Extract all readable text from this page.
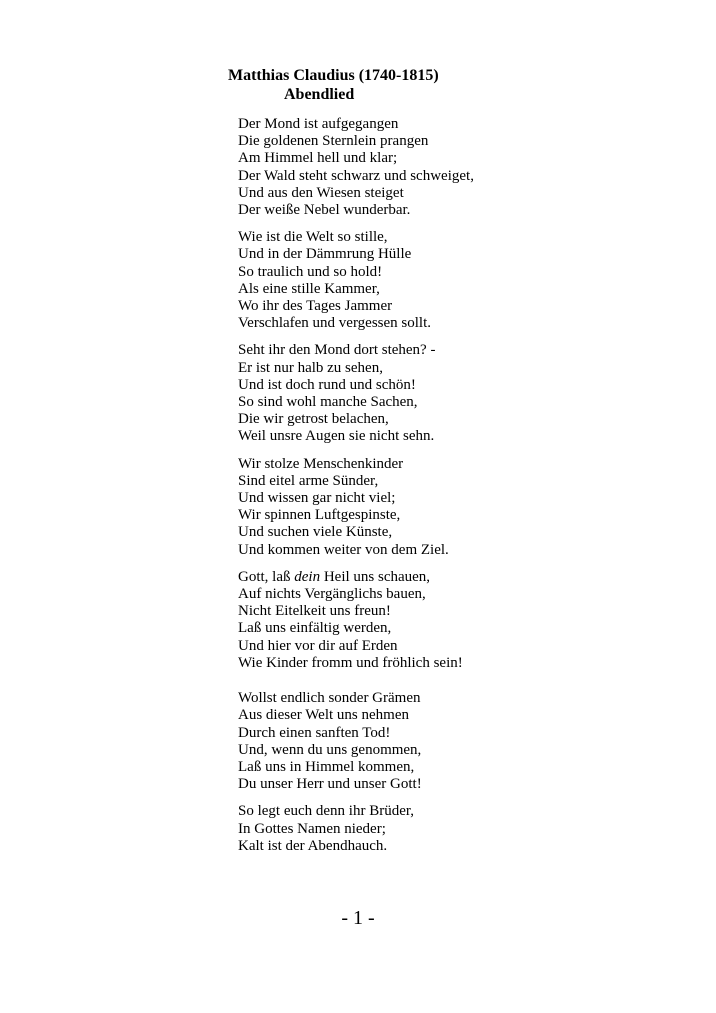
Matthias Claudius (1740-1815)
Abendlied
Der Mond ist aufgegangen
Die goldenen Sternlein prangen
Am Himmel hell und klar;
Der Wald steht schwarz und schweiget,
Und aus den Wiesen steiget
Der weiße Nebel wunderbar.
Wie ist die Welt so stille,
Und in der Dämmrung Hülle
So traulich und so hold!
Als eine stille Kammer,
Wo ihr des Tages Jammer
Verschlafen und vergessen sollt.
Seht ihr den Mond dort stehen? -
Er ist nur halb zu sehen,
Und ist doch rund und schön!
So sind wohl manche Sachen,
Die wir getrost belachen,
Weil unsre Augen sie nicht sehn.
Wir stolze Menschenkinder
Sind eitel arme Sünder,
Und wissen gar nicht viel;
Wir spinnen Luftgespinste,
Und suchen viele Künste,
Und kommen weiter von dem Ziel.
Gott, laß dein Heil uns schauen,
Auf nichts Vergänglichs bauen,
Nicht Eitelkeit uns freun!
Laß uns einfältig werden,
Und hier vor dir auf Erden
Wie Kinder fromm und fröhlich sein!
Wollst endlich sonder Grämen
Aus dieser Welt uns nehmen
Durch einen sanften Tod!
Und, wenn du uns genommen,
Laß uns in Himmel kommen,
Du unser Herr und unser Gott!
So legt euch denn ihr Brüder,
In Gottes Namen nieder;
Kalt ist der Abendhauch.
- 1 -
